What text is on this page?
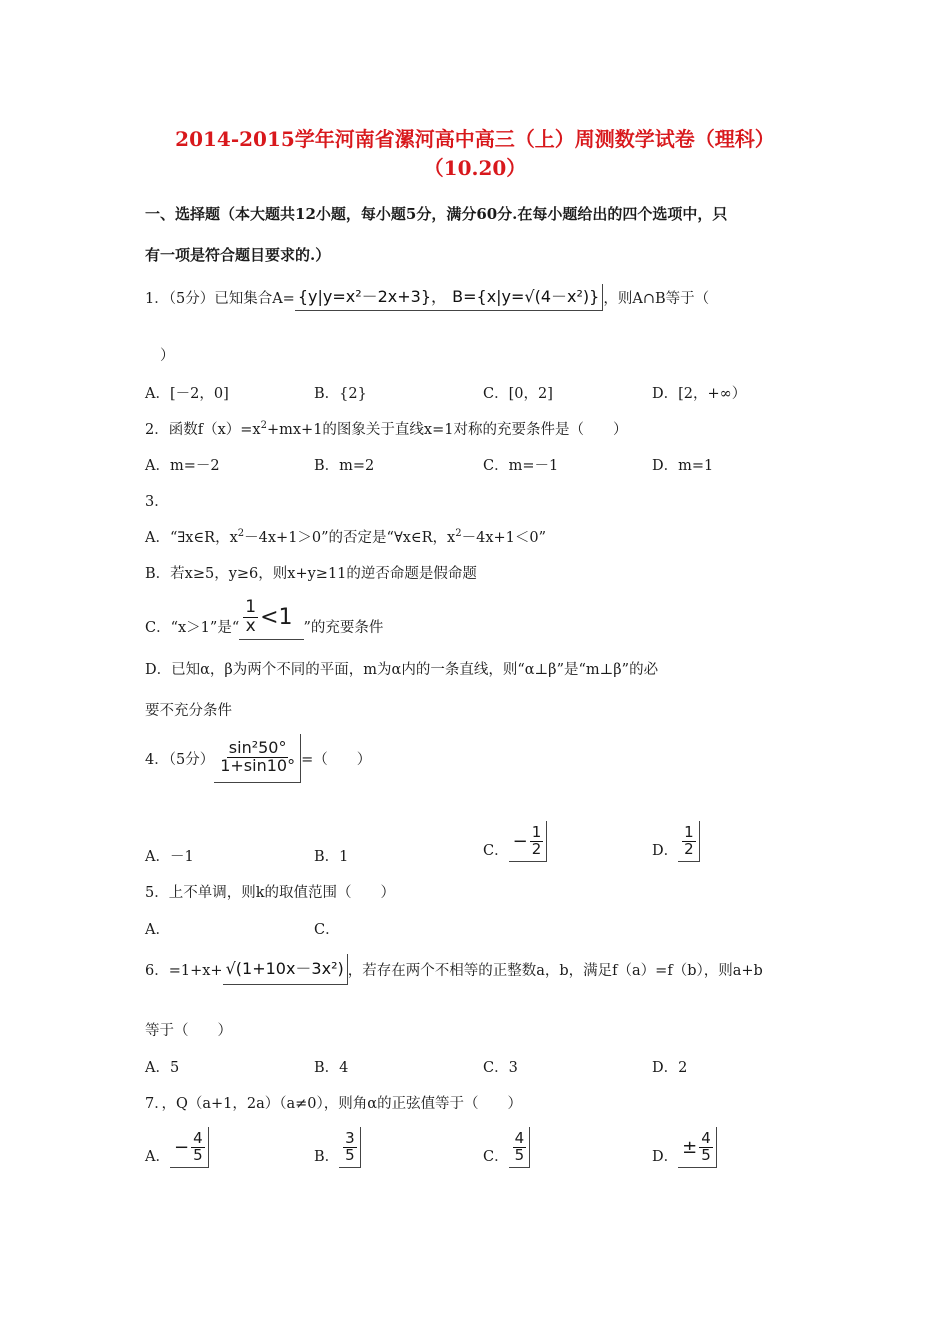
2014-2015学年河南省漯河高中高三（上）周测数学试卷（理科）
（10.20）
一、选择题（本大题共12小题，每小题5分，满分60分.在每小题给出的四个选项中，只
有一项是符合题目要求的.）
1．（5分）已知集合A= {y|y=x²－2x+3}， B={x|y=√(4－x²)} ，则A∩B等于（
）
A．[－2，0]	B．{2}	C．[0，2]	D．[2，+∞）
2．函数$f(x)=x^2+mx+1$的图象关于直线x=1对称的充要条件是（　　）
A．m=－2	B．m=2	C．m=－1	D．m=1
3．
A．“∃x∈R，$x^2-4x+1>0$”的否定是“∀x∈R，$x^2-4x+1<0$”
B．若x≥5，y≥6，则x+y≥11的逆否命题是假命题
C．“x＞1”是“ $\frac{1}{x} <1$ ”的充要条件
D．已知α，β为两个不同的平面，m为α内的一条直线，则“α⊥β”是“m⊥β”的必
要不充分条件
4．（5分） $\frac{\text{sin²50°}}{1+\sin 10^\circ}$ =（　　）
A．－1	B．1	C． − $\frac{1}{2}$	D． $\frac{1}{2}$
5．上不单调，则k的取值范围（　　）
A．	C．
6．=1+x+ √(1+10x－3x²) ，若存在两个不相等的正整数a，b，满足f（a）=f（b），则a+b
等于（　　）
A．5	B．4	C．3	D．2
7．，Q（a+1，2a）（a≠0），则角α的正弦值等于（　　）
A． − $\frac{4}{5}$	B． $\frac{3}{5}$	C． $\frac{4}{5}$	D． ± $\frac{4}{5}$
